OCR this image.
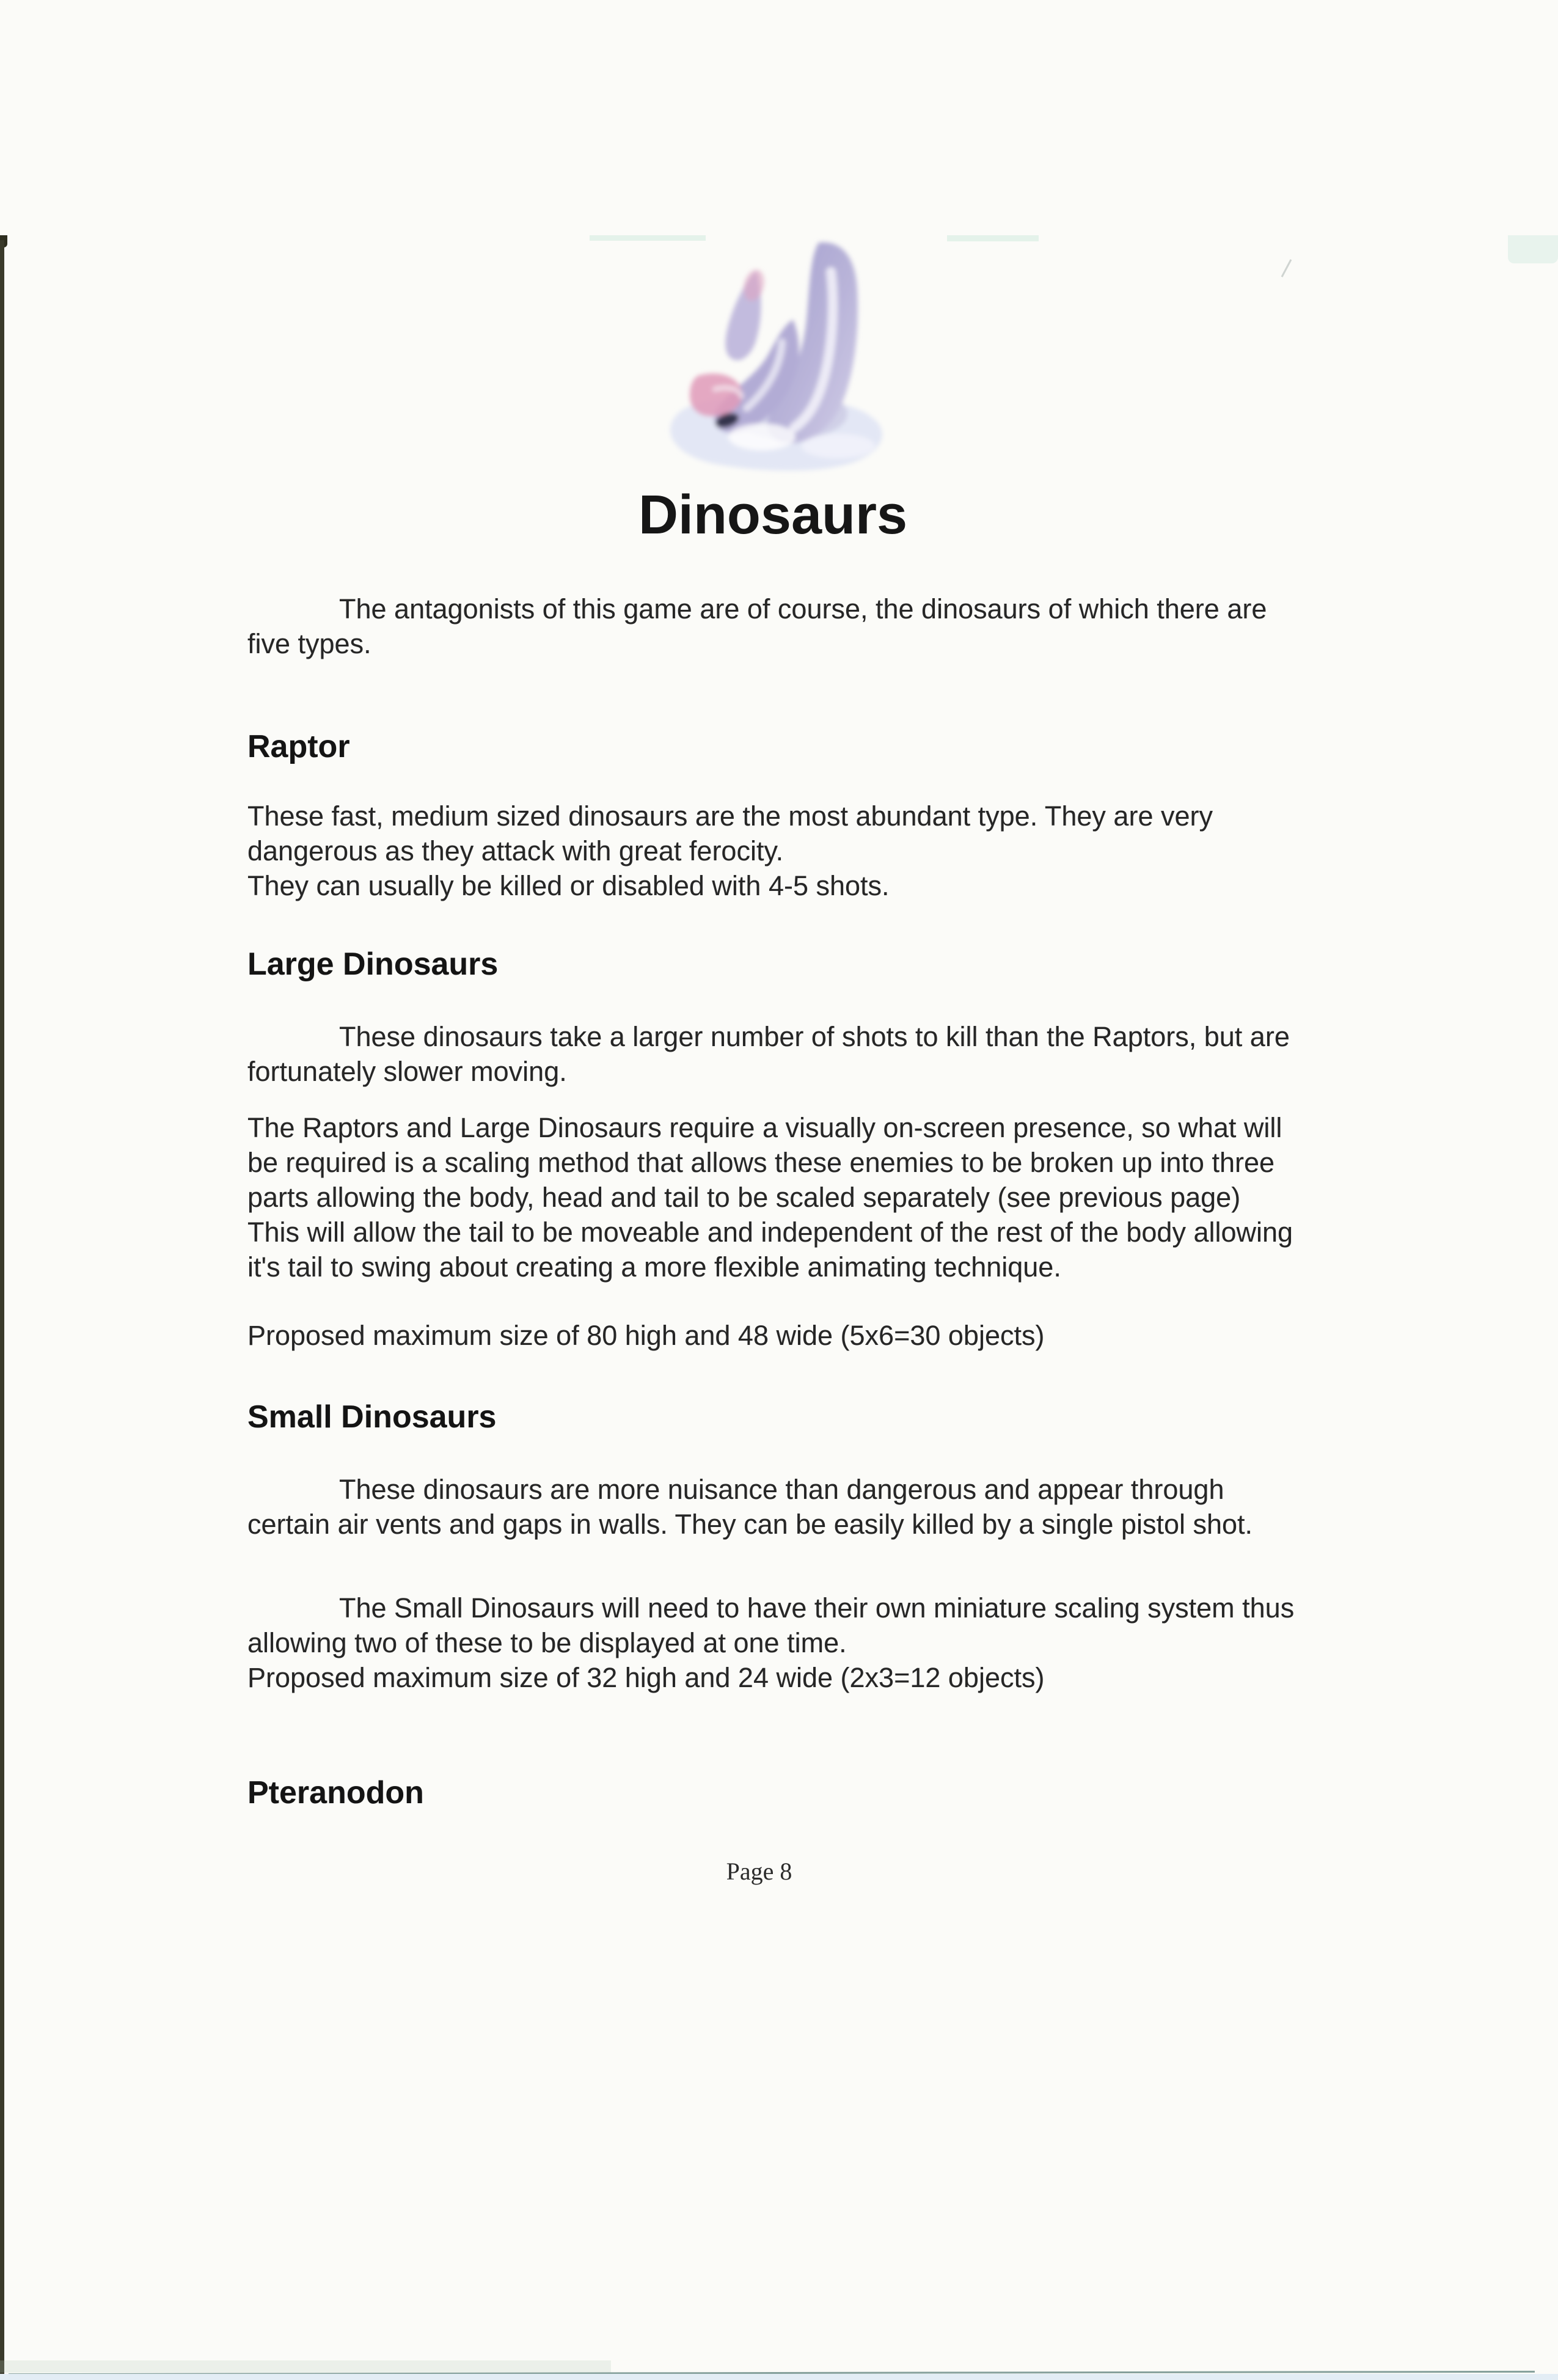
Dinosaurs

The antagonists of this game are of course, the dinosaurs of which there are five types.

Raptor

These fast, medium sized dinosaurs are the most abundant type. They are very dangerous as they attack with great ferocity.

They can usually be killed or disabled with 4-5 shots.

Large Dinosaurs

These dinosaurs take a larger number of shots to kill than the Raptors, but are fortunately slower moving.

The Raptors and Large Dinosaurs require a visually on-screen presence, so what will be required is a scaling method that allows these enemies to be broken up into three parts allowing the body, head and tail to be scaled separately (see previous page) This will allow the tail to be moveable and independent of the rest of the body allowing it's tail to swing about creating a more flexible animating technique.

Proposed maximum size of 80 high and 48 wide (5x6=30 objects)

Small Dinosaurs

These dinosaurs are more nuisance than dangerous and appear through certain air vents and gaps in walls. They can be easily killed by a single pistol shot.

The Small Dinosaurs will need to have their own miniature scaling system thus allowing two of these to be displayed at one time.

Proposed maximum size of 32 high and 24 wide (2x3=12 objects)

Pteranodon
Page 8
